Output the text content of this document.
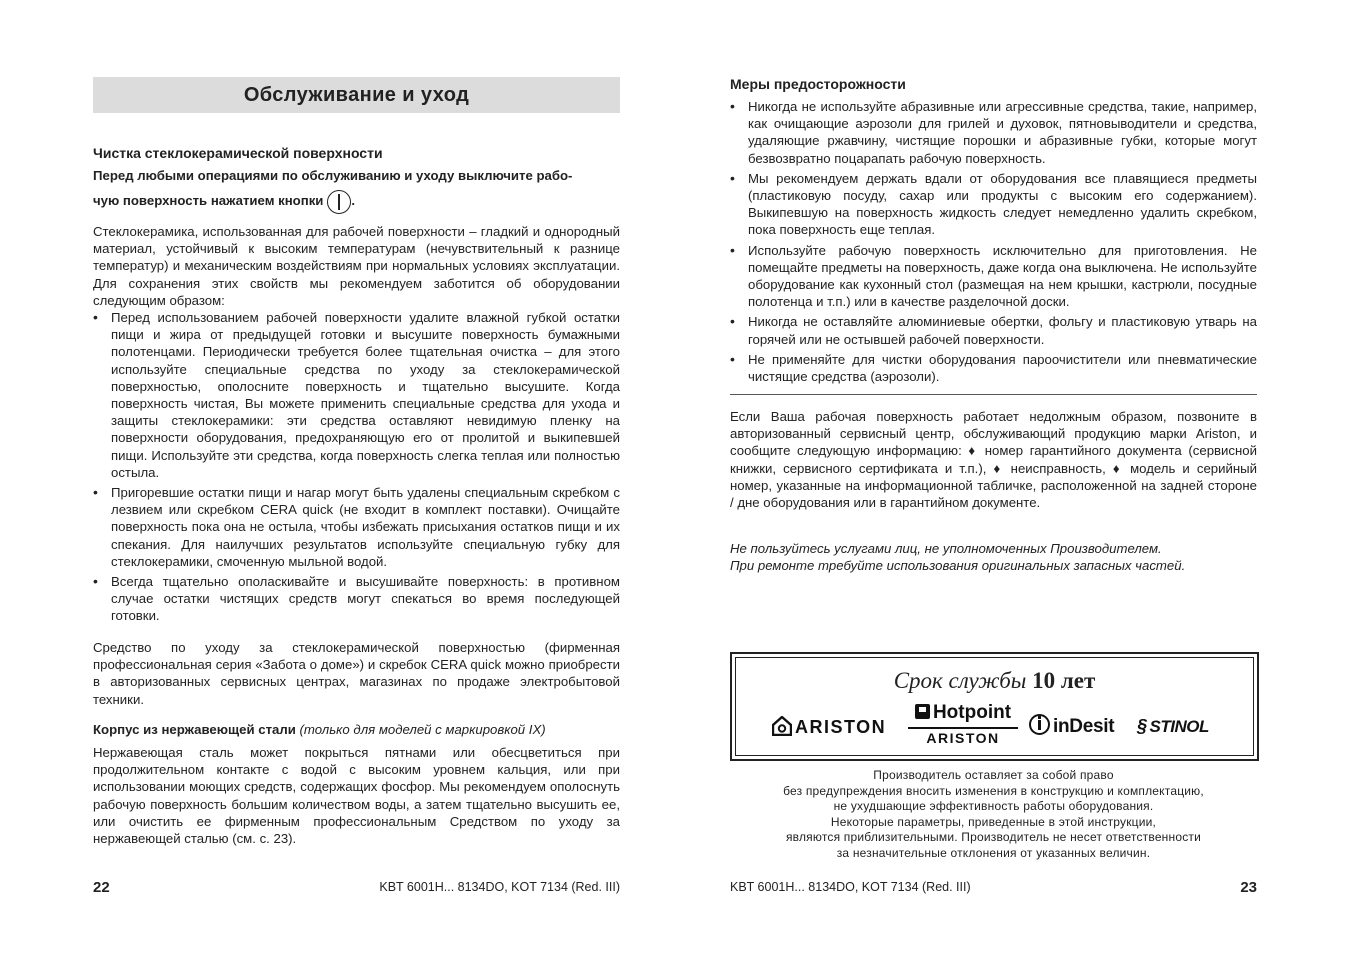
Обслуживание и уход
Чистка стеклокерамической поверхности

Перед любыми операциями по обслуживанию и уходу выключите рабо-

чую поверхность нажатием кнопки .

Стеклокерамика, использованная для рабочей поверхности – гладкий и однородный материал, устойчивый к высоким температурам (нечувствительный к разнице температур) и механическим воздействиям при нормальных условиях эксплуатации. Для сохранения этих свойств мы рекомендуем заботится об оборудовании следующим образом:

• Перед использованием рабочей поверхности удалите влажной губкой остатки пищи и жира от предыдущей готовки и высушите поверхность бумажными полотенцами. Периодически требуется более тщательная очистка – для этого используйте специальные средства по уходу за стеклокерамической поверхностью, ополосните поверхность и тщательно высушите. Когда поверхность чистая, Вы можете применить специальные средства для ухода и защиты стеклокерамики: эти средства оставляют невидимую пленку на поверхности оборудования, предохраняющую его от пролитой и выкипевшей пищи. Используйте эти средства, когда поверхность слегка теплая или полностью остыла.
• Пригоревшие остатки пищи и нагар могут быть удалены специальным скребком с лезвием или скребком CERA quick (не входит в комплект поставки). Очищайте поверхность пока она не остыла, чтобы избежать присыхания остатков пищи и их спекания. Для наилучших результатов используйте специальную губку для стеклокерамики, смоченную мыльной водой.
• Всегда тщательно ополаскивайте и высушивайте поверхность: в противном случае остатки чистящих средств могут спекаться во время последующей готовки.

Средство по уходу за стеклокерамической поверхностью (фирменная профессиональная серия «Забота о доме») и скребок CERA quick можно приобрести в авторизованных сервисных центрах, магазинах по продаже электробытовой техники.

Корпус из нержавеющей стали (только для моделей с маркировкой IX)

Нержавеющая сталь может покрыться пятнами или обесцветиться при продолжительном контакте с водой с высоким уровнем кальция, или при использовании моющих средств, содержащих фосфор. Мы рекомендуем ополоснуть рабочую поверхность большим количеством воды, а затем тщательно высушить ее, или очистить ее фирменным профессиональным Средством по уходу за нержавеющей сталью (см. с. 23).

22	KBT 6001H... 8134DO, KOT 7134 (Red. III)
Меры предосторожности
• Никогда не используйте абразивные или агрессивные средства, такие, например, как очищающие аэрозоли для грилей и духовок, пятновыводители и средства, удаляющие ржавчину, чистящие порошки и абразивные губки, которые могут безвозвратно поцарапать рабочую поверхность.
• Мы рекомендуем держать вдали от оборудования все плавящиеся предметы (пластиковую посуду, сахар или продукты с высоким его содержанием). Выкипевшую на поверхность жидкость следует немедленно удалить скребком, пока поверхность еще теплая.
• Используйте рабочую поверхность исключительно для приготовления. Не помещайте предметы на поверхность, даже когда она выключена. Не используйте оборудование как кухонный стол (размещая на нем крышки, кастрюли, посудные полотенца и т.п.) или в качестве разделочной доски.
• Никогда не оставляйте алюминиевые обертки, фольгу и пластиковую утварь на горячей или не остывшей рабочей поверхности.
• Не применяйте для чистки оборудования пароочистители или пневматические чистящие средства (аэрозоли).

Если Ваша рабочая поверхность работает недолжным образом, позвоните в авторизованный сервисный центр, обслуживающий продукцию марки Ariston, и сообщите следующую информацию: ♦ номер гарантийного документа (сервисной книжки, сервисного сертификата и т.п.), ♦ неисправность, ♦ модель и серийный номер, указанные на информационной табличке, расположенной на задней стороне / дне оборудования или в гарантийном документе.

Не пользуйтесь услугами лиц, не уполномоченных Производителем.

При ремонте требуйте использования оригинальных запасных частей.

Срок службы 10 лет
ARISTON
Hotpoint
ARISTON
inDesit § STINOL
Производитель оставляет за собой право
без предупреждения вносить изменения в конструкцию и комплектацию,
не ухудшающие эффективность работы оборудования.
Некоторые параметры, приведенные в этой инструкции,
являются приблизительными. Производитель не несет ответственности
за незначительные отклонения от указанных величин.
KBT 6001H... 8134DO, KOT 7134 (Red. III)	23
